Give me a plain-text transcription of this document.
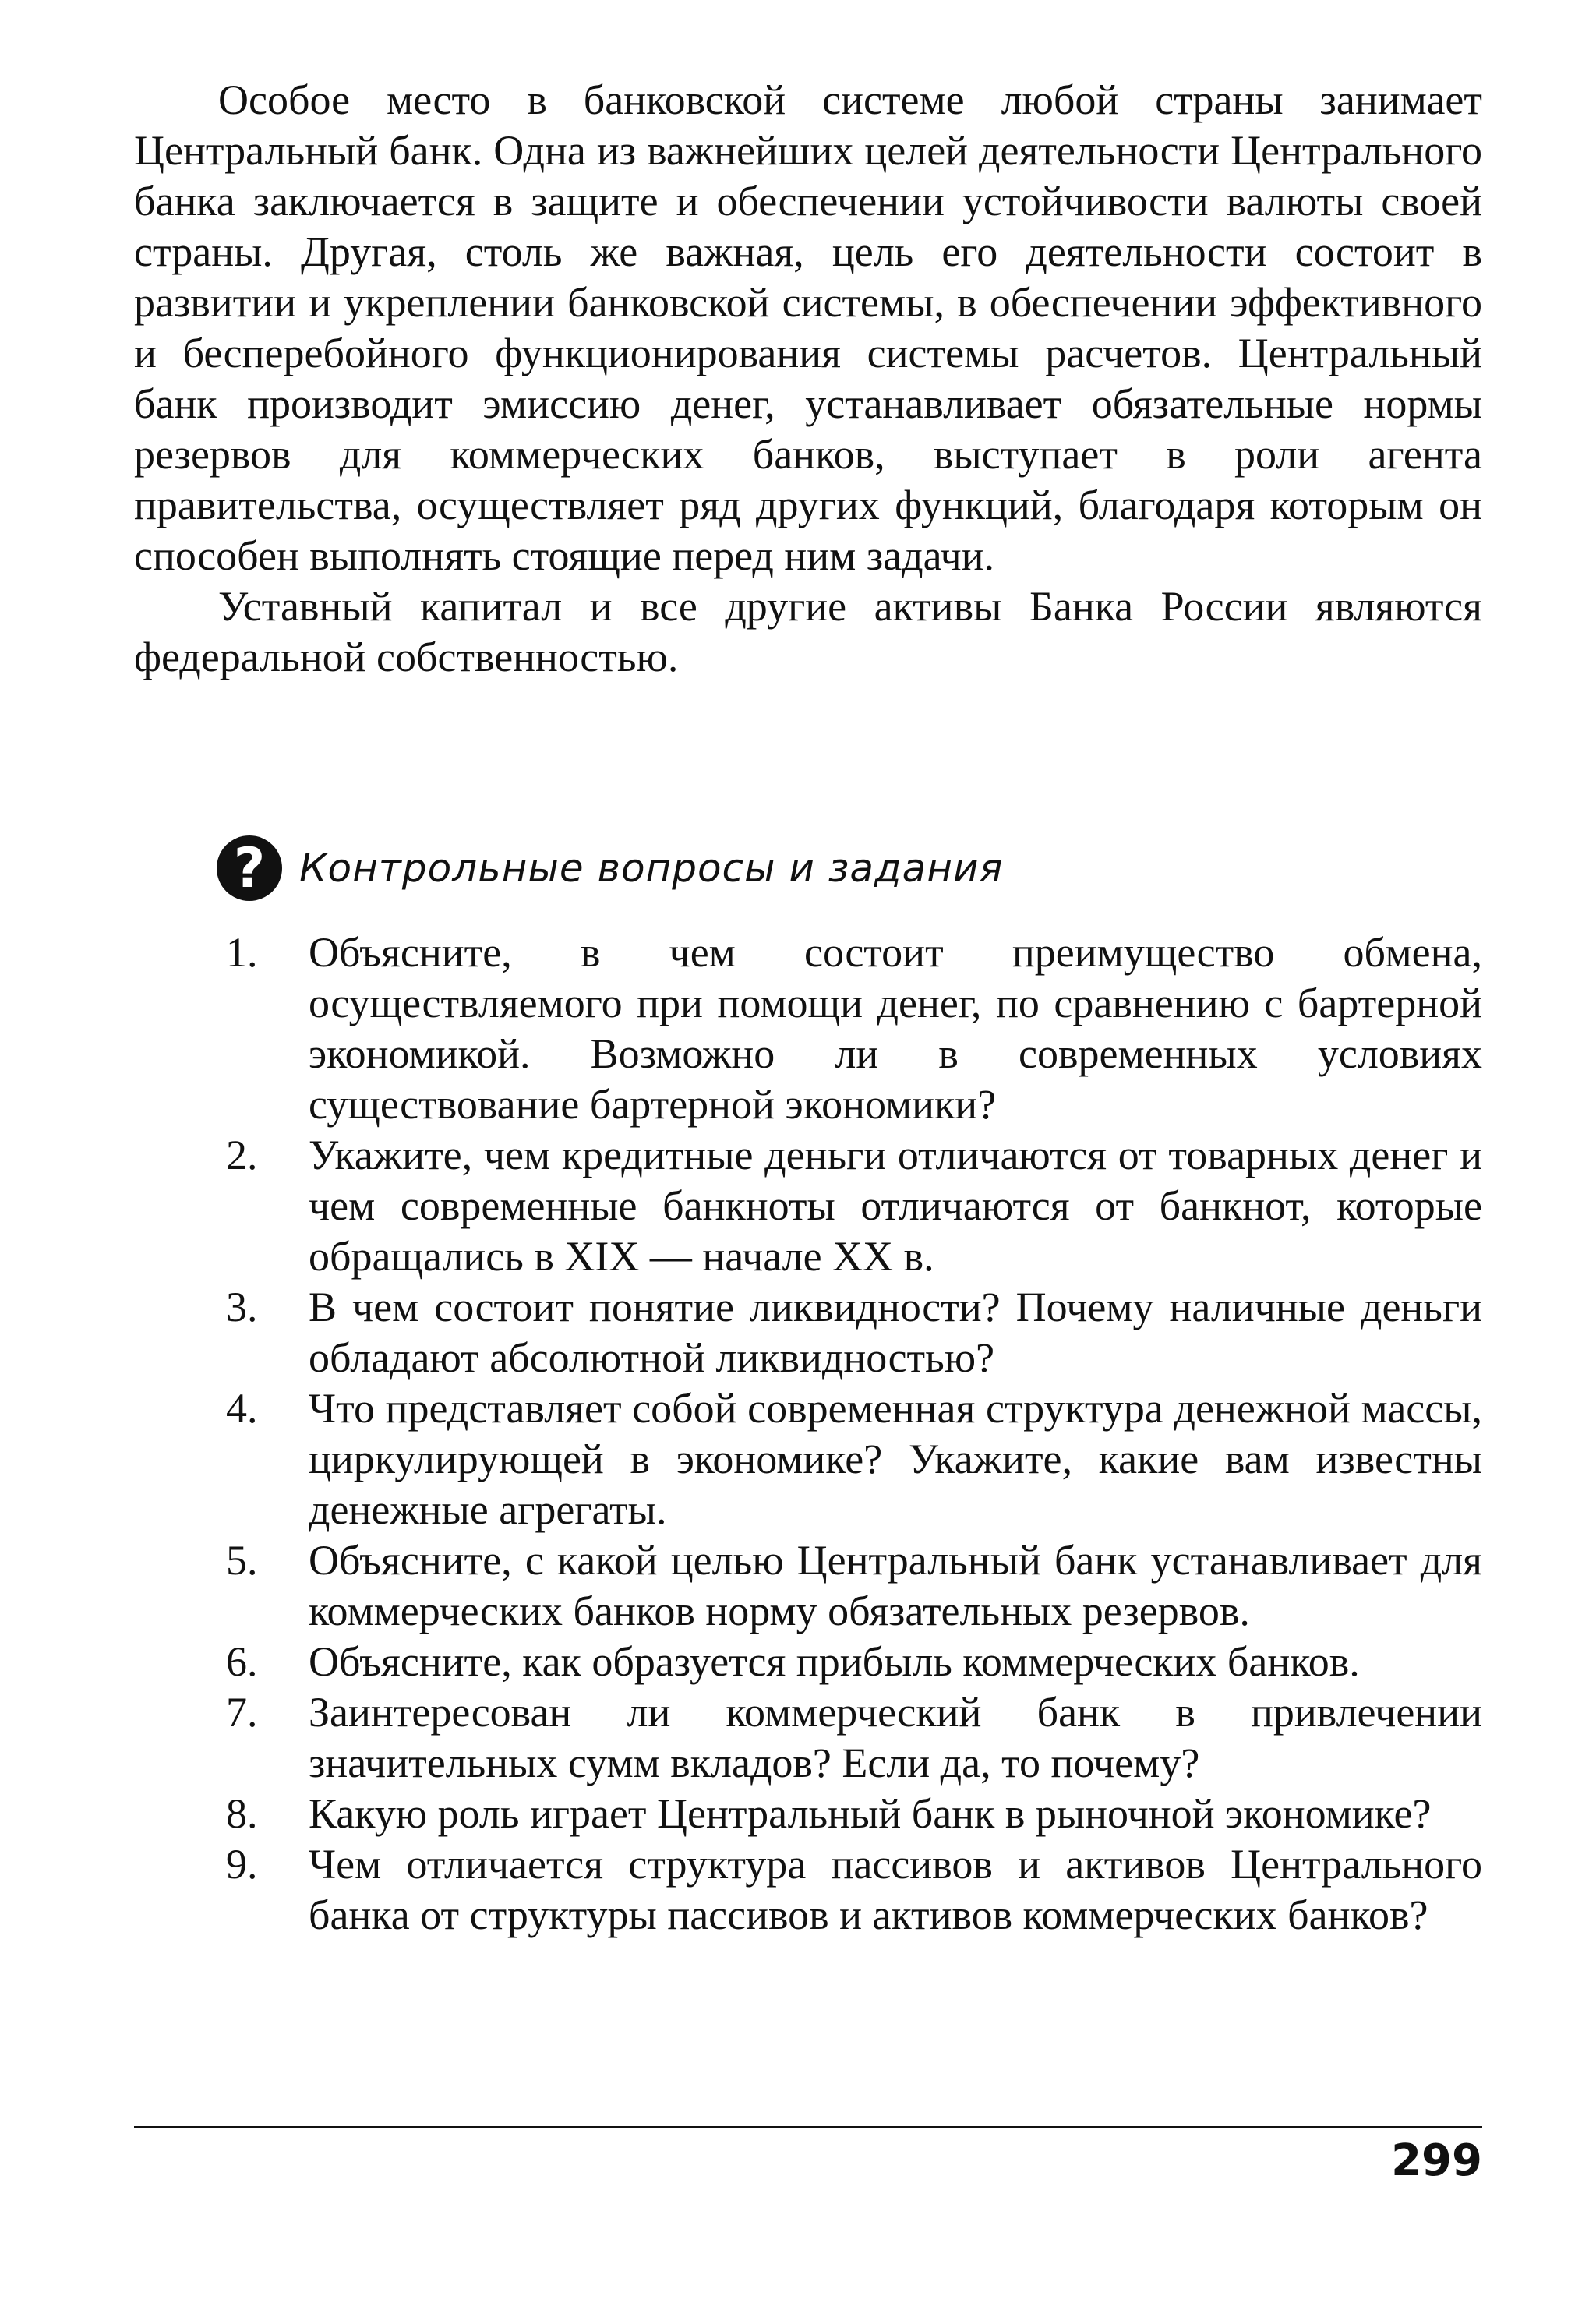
Особое место в банковской системе любой страны занимает Центральный банк. Одна из важнейших целей деятельности Центрального банка заключается в защите и обеспечении устойчивости валюты своей страны. Другая, столь же важная, цель его деятельности состоит в развитии и укреплении банковской системы, в обеспечении эффективного и бесперебойного функционирования системы расчетов. Центральный банк производит эмиссию денег, устанавливает обязательные нормы резервов для коммерческих банков, выступает в роли агента правительства, осуществляет ряд других функций, благодаря которым он способен выполнять стоящие перед ним задачи.

Уставный капитал и все другие активы Банка России являются федеральной собственностью.

? Контрольные вопросы и задания
1.	Объясните, в чем состоит преимущество обмена, осуществляемого при помощи денег, по сравнению с бартерной экономикой. Возможно ли в современных условиях существование бартерной экономики?
2.	Укажите, чем кредитные деньги отличаются от товарных денег и чем современные банкноты отличаются от банкнот, которые обращались в XIX — начале XX в.
3.	В чем состоит понятие ликвидности? Почему наличные деньги обладают абсолютной ликвидностью?
4.	Что представляет собой современная структура денежной массы, циркулирующей в экономике? Укажите, какие вам известны денежные агрегаты.
5.	Объясните, с какой целью Центральный банк устанавливает для коммерческих банков норму обязательных резервов.
6.	Объясните, как образуется прибыль коммерческих банков.
7.	Заинтересован ли коммерческий банк в привлечении значительных сумм вкладов? Если да, то почему?
8.	Какую роль играет Центральный банк в рыночной экономике?
9.	Чем отличается структура пассивов и активов Центрального банка от структуры пассивов и активов коммерческих банков?
299
